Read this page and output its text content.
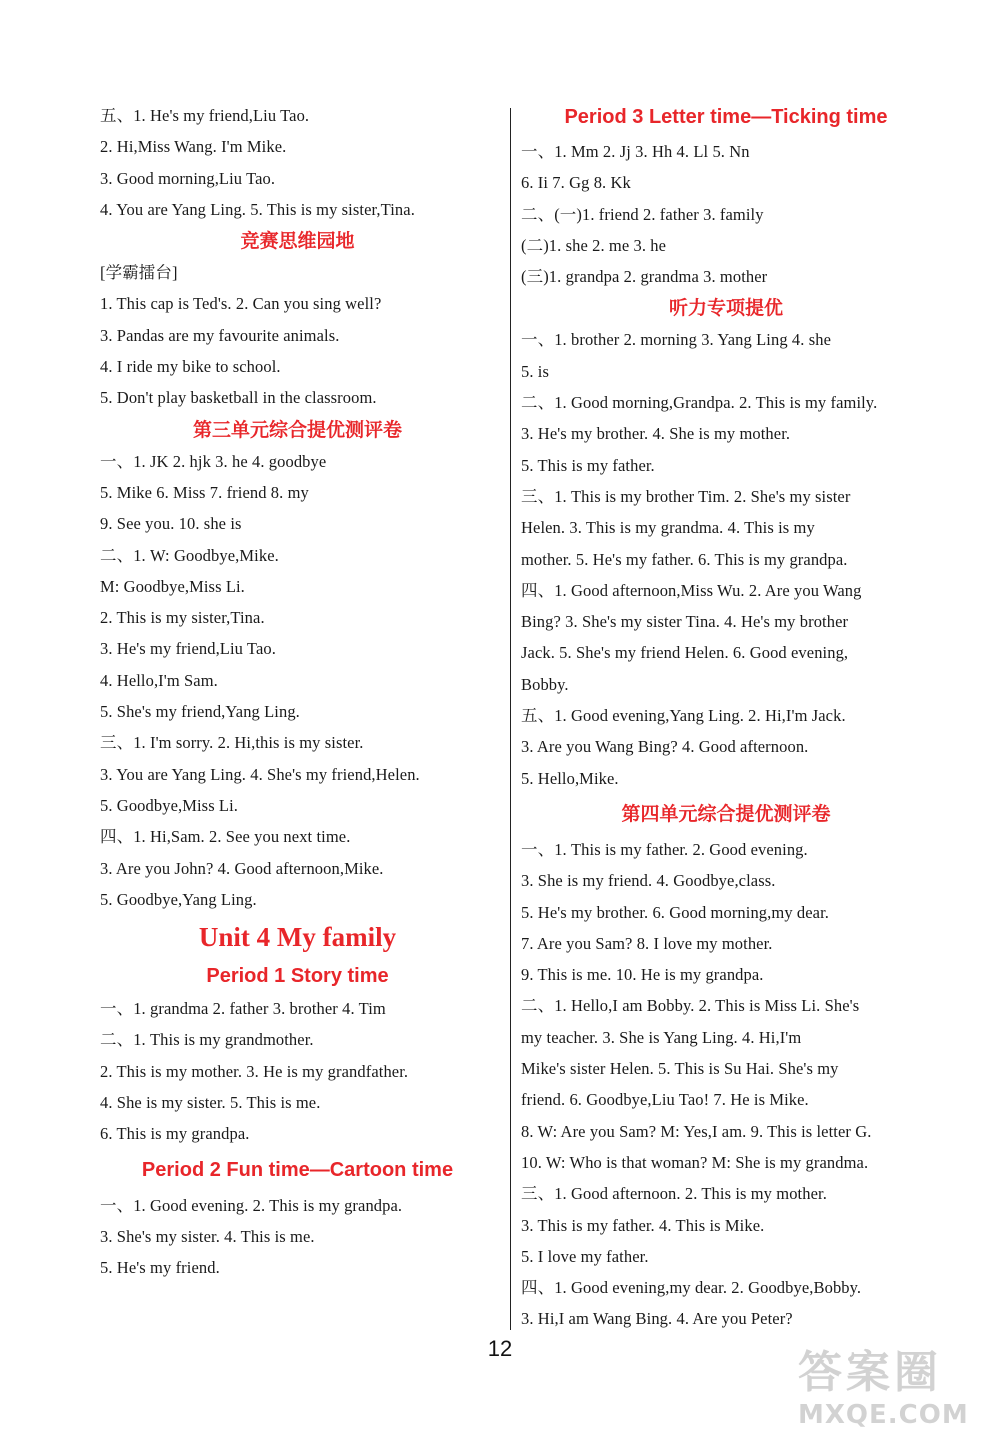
五、1. He's my friend,Liu Tao.
2. Hi,Miss Wang. I'm Mike.
3. Good morning,Liu Tao.
4. You are Yang Ling. 5. This is my sister,Tina.
竞赛思维园地
[学霸擂台]
1. This cap is Ted's. 2. Can you sing well?
3. Pandas are my favourite animals.
4. I ride my bike to school.
5. Don't play basketball in the classroom.
第三单元综合提优测评卷
一、1. JK 2. hjk 3. he 4. goodbye
5. Mike 6. Miss 7. friend 8. my
9. See you. 10. she is
二、1. W: Goodbye,Mike.
M: Goodbye,Miss Li.
2. This is my sister,Tina.
3. He's my friend,Liu Tao.
4. Hello,I'm Sam.
5. She's my friend,Yang Ling.
三、1. I'm sorry. 2. Hi,this is my sister.
3. You are Yang Ling. 4. She's my friend,Helen.
5. Goodbye,Miss Li.
四、1. Hi,Sam. 2. See you next time.
3. Are you John? 4. Good afternoon,Mike.
5. Goodbye,Yang Ling.
Unit 4 My family
Period 1 Story time
一、1. grandma 2. father 3. brother 4. Tim
二、1. This is my grandmother.
2. This is my mother. 3. He is my grandfather.
4. She is my sister. 5. This is me.
6. This is my grandpa.
Period 2 Fun time—Cartoon time
一、1. Good evening. 2. This is my grandpa.
3. She's my sister. 4. This is me.
5. He's my friend.
Period 3 Letter time—Ticking time
一、1. Mm 2. Jj 3. Hh 4. Ll 5. Nn
6. Ii 7. Gg 8. Kk
二、(一)1. friend 2. father 3. family
(二)1. she 2. me 3. he
(三)1. grandpa 2. grandma 3. mother
听力专项提优
一、1. brother 2. morning 3. Yang Ling 4. she
5. is
二、1. Good morning,Grandpa. 2. This is my family.
3. He's my brother. 4. She is my mother.
5. This is my father.
三、1. This is my brother Tim. 2. She's my sister
Helen. 3. This is my grandma. 4. This is my
mother. 5. He's my father. 6. This is my grandpa.
四、1. Good afternoon,Miss Wu. 2. Are you Wang
Bing? 3. She's my sister Tina. 4. He's my brother
Jack. 5. She's my friend Helen. 6. Good evening,
Bobby.
五、1. Good evening,Yang Ling. 2. Hi,I'm Jack.
3. Are you Wang Bing? 4. Good afternoon.
5. Hello,Mike.
第四单元综合提优测评卷
一、1. This is my father. 2. Good evening.
3. She is my friend. 4. Goodbye,class.
5. He's my brother. 6. Good morning,my dear.
7. Are you Sam? 8. I love my mother.
9. This is me. 10. He is my grandpa.
二、1. Hello,I am Bobby. 2. This is Miss Li. She's
my teacher. 3. She is Yang Ling. 4. Hi,I'm
Mike's sister Helen. 5. This is Su Hai. She's my
friend. 6. Goodbye,Liu Tao! 7. He is Mike.
8. W: Are you Sam? M: Yes,I am. 9. This is letter G.
10. W: Who is that woman? M: She is my grandma.
三、1. Good afternoon. 2. This is my mother.
3. This is my father. 4. This is Mike.
5. I love my father.
四、1. Good evening,my dear. 2. Goodbye,Bobby.
3. Hi,I am Wang Bing. 4. Are you Peter?
12	答案圈
MXQE.COM
